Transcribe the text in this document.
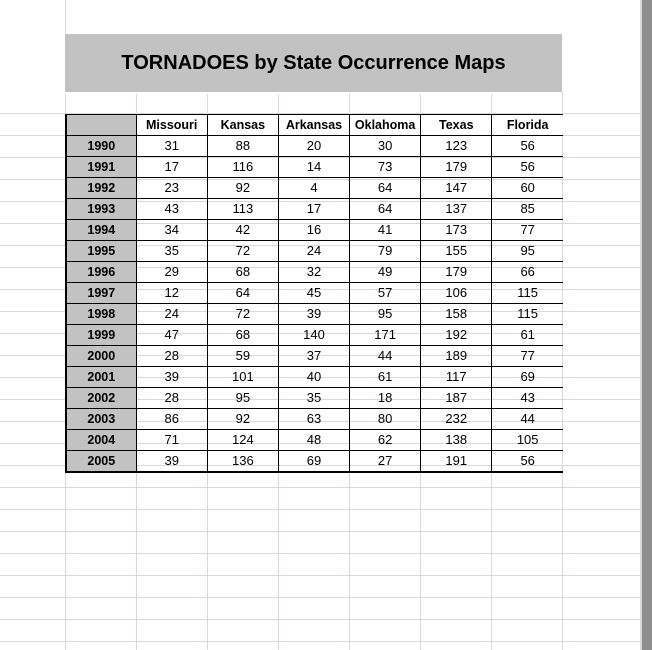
TORNADOES by State Occurrence Maps
	Missouri	Kansas	Arkansas	Oklahoma	Texas	Florida
1990	31	88	20	30	123	56
1991	17	116	14	73	179	56
1992	23	92	4	64	147	60
1993	43	113	17	64	137	85
1994	34	42	16	41	173	77
1995	35	72	24	79	155	95
1996	29	68	32	49	179	66
1997	12	64	45	57	106	115
1998	24	72	39	95	158	115
1999	47	68	140	171	192	61
2000	28	59	37	44	189	77
2001	39	101	40	61	117	69
2002	28	95	35	18	187	43
2003	86	92	63	80	232	44
2004	71	124	48	62	138	105
2005	39	136	69	27	191	56
